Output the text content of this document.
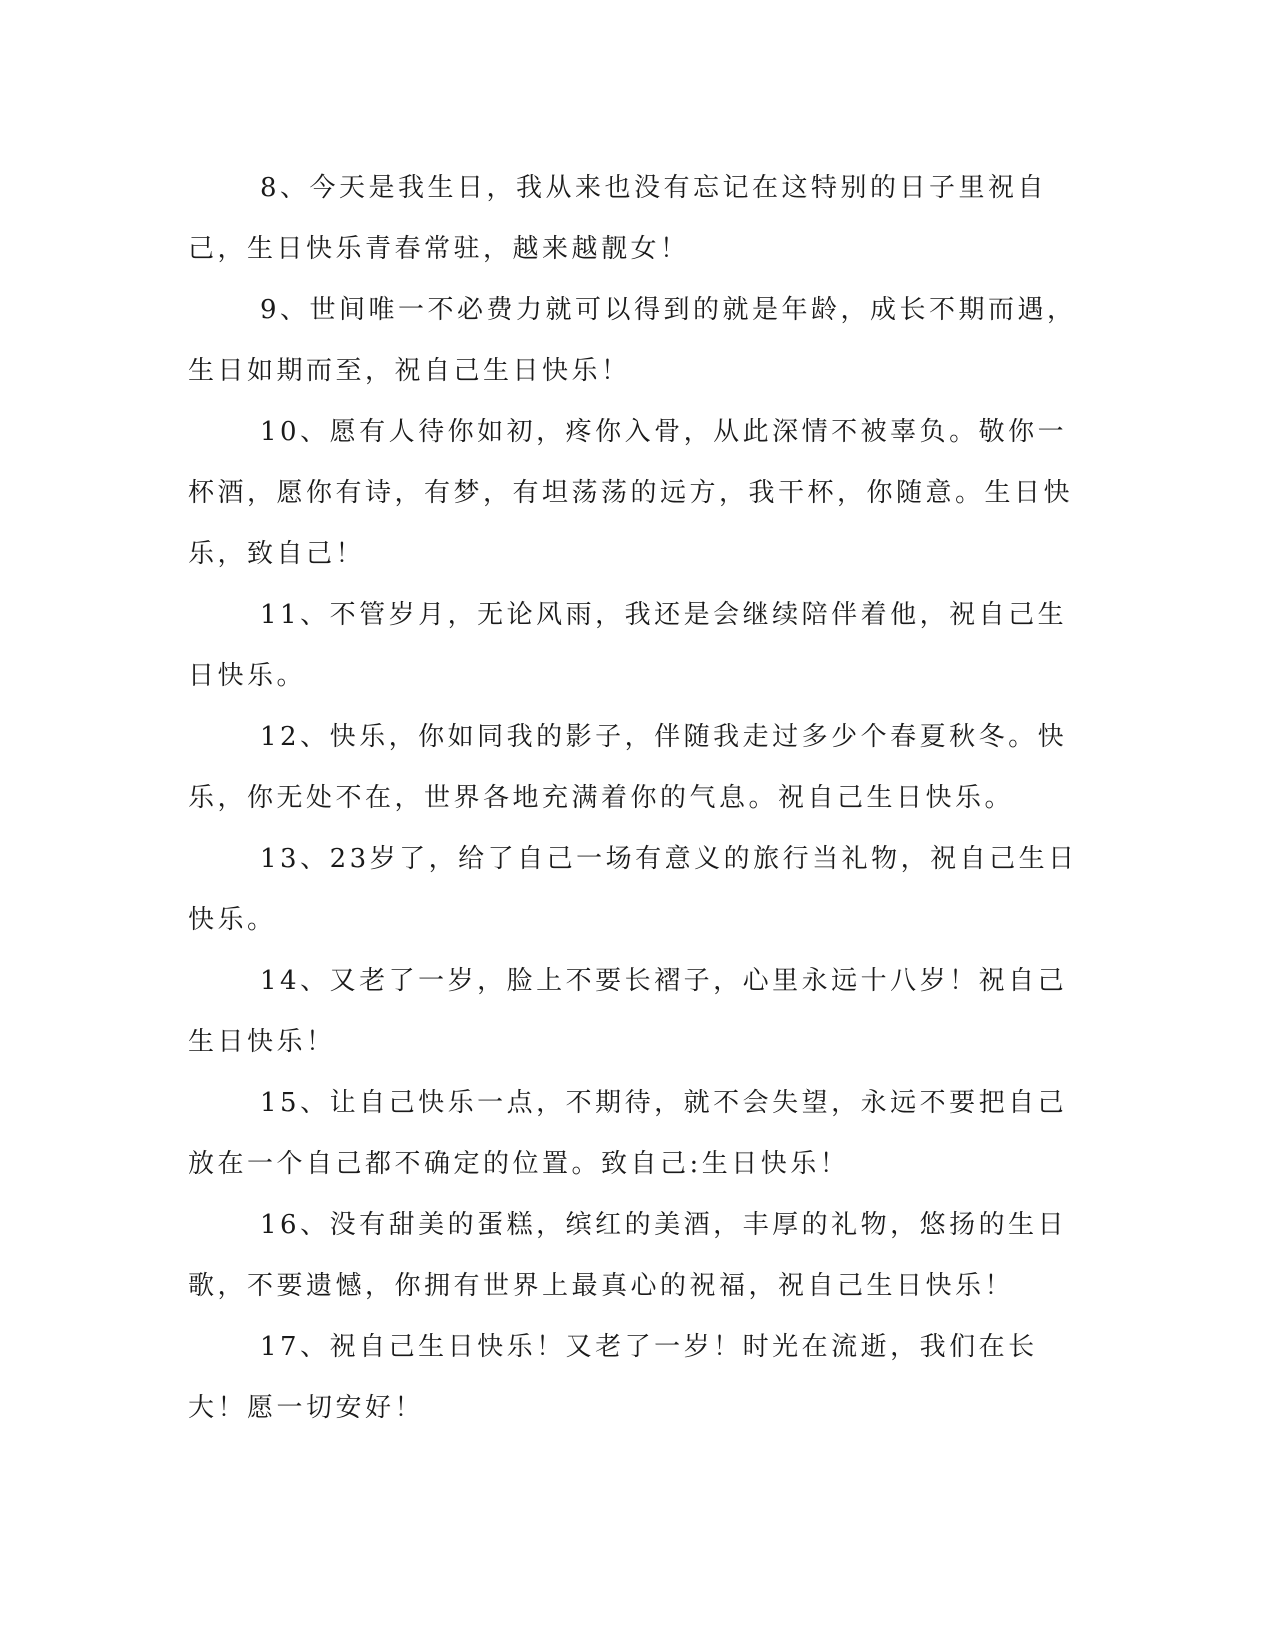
8、今天是我生日，我从来也没有忘记在这特别的日子里祝自己，生日快乐青春常驻，越来越靓女！

9、世间唯一不必费力就可以得到的就是年龄，成长不期而遇，生日如期而至，祝自己生日快乐！

10、愿有人待你如初，疼你入骨，从此深情不被辜负。敬你一杯酒，愿你有诗，有梦，有坦荡荡的远方，我干杯，你随意。生日快乐，致自己！

11、不管岁月，无论风雨，我还是会继续陪伴着他，祝自己生日快乐。

12、快乐，你如同我的影子，伴随我走过多少个春夏秋冬。快乐，你无处不在，世界各地充满着你的气息。祝自己生日快乐。

13、23岁了，给了自己一场有意义的旅行当礼物，祝自己生日快乐。

14、又老了一岁，脸上不要长褶子，心里永远十八岁！祝自己生日快乐！

15、让自己快乐一点，不期待，就不会失望，永远不要把自己放在一个自己都不确定的位置。致自己:生日快乐！

16、没有甜美的蛋糕，缤红的美酒，丰厚的礼物，悠扬的生日歌，不要遗憾，你拥有世界上最真心的祝福，祝自己生日快乐！

17、祝自己生日快乐！又老了一岁！时光在流逝，我们在长大！愿一切安好！
